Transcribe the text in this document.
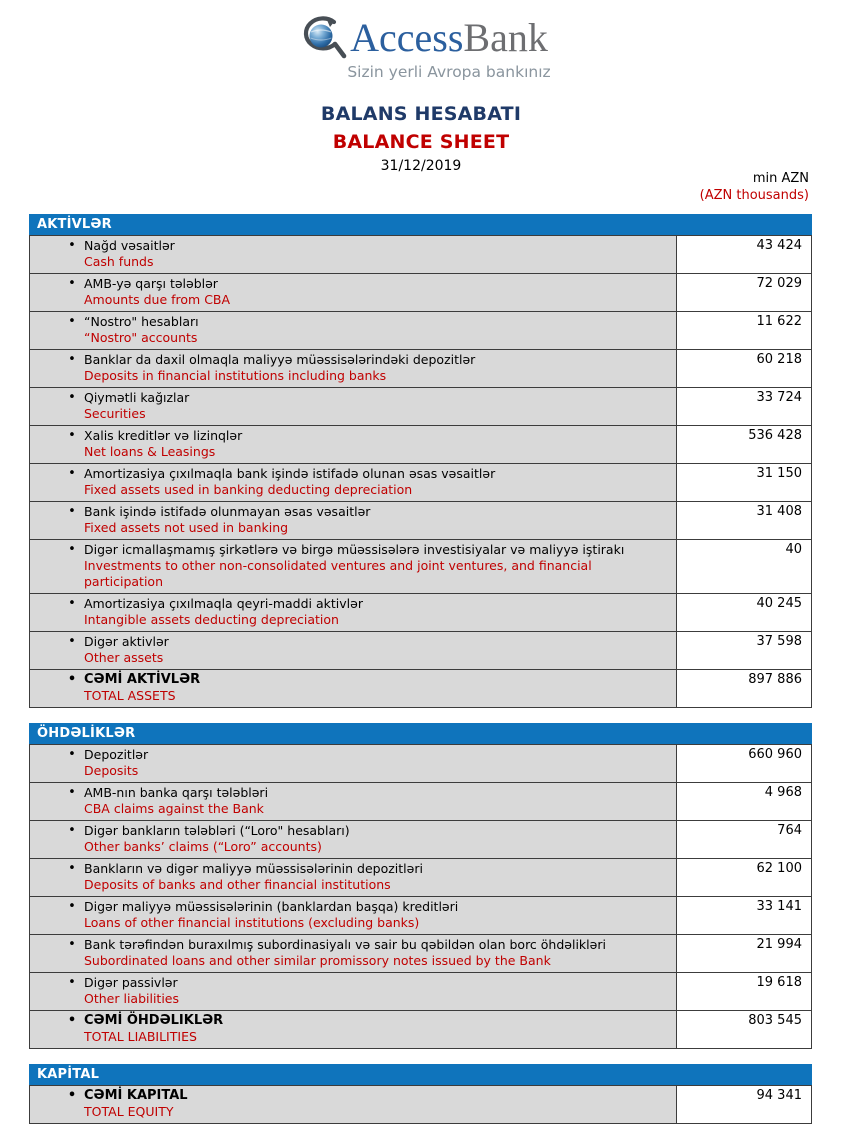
AccessBank
Sizin yerli Avropa bankınız
BALANS HESABATI
BALANCE SHEET
31/12/2019
min AZN
(AZN thousands)
AKTİVLƏR
• Nağd vəsaitlər
Cash funds
43 424
• AMB-yə qarşı tələblər
Amounts due from CBA
72 029
• “Nostro" hesabları
“Nostro" accounts
11 622
• Banklar da daxil olmaqla maliyyə müəssisələrindəki depozitlər
Deposits in financial institutions including banks
60 218
• Qiymətli kağızlar
Securities
33 724
• Xalis kreditlər və lizinqlər
Net loans & Leasings
536 428
• Amortizasiya çıxılmaqla bank işində istifadə olunan əsas vəsaitlər
Fixed assets used in banking deducting depreciation
31 150
• Bank işində istifadə olunmayan əsas vəsaitlər
Fixed assets not used in banking
31 408
• Digər icmallaşmamış şirkətlərə və birgə müəssisələrə investisiyalar və maliyyə iştirakı
Investments to other non-consolidated ventures and joint ventures, and financial participation
40
• Amortizasiya çıxılmaqla qeyri-maddi aktivlər
Intangible assets deducting depreciation
40 245
• Digər aktivlər
Other assets
37 598
• CƏMİ AKTİVLƏR
TOTAL ASSETS
897 886
ÖHDƏLİKLƏR
• Depozitlər
Deposits
660 960
• AMB-nın banka qarşı tələbləri
CBA claims against the Bank
4 968
• Digər bankların tələbləri (“Loro" hesabları)
Other banks’ claims (“Loro” accounts)
764
• Bankların və digər maliyyə müəssisələrinin depozitləri
Deposits of banks and other financial institutions
62 100
• Digər maliyyə müəssisələrinin (banklardan başqa) kreditləri
Loans of other financial institutions (excluding banks)
33 141
• Bank tərəfindən buraxılmış subordinasiyalı və sair bu qəbildən olan borc öhdəlikləri
Subordinated loans and other similar promissory notes issued by the Bank
21 994
• Digər passivlər
Other liabilities
19 618
• CƏMİ ÖHDƏLIKLƏR
TOTAL LIABILITIES
803 545
KAPİTAL
• CƏMİ KAPITAL
TOTAL EQUITY
94 341
